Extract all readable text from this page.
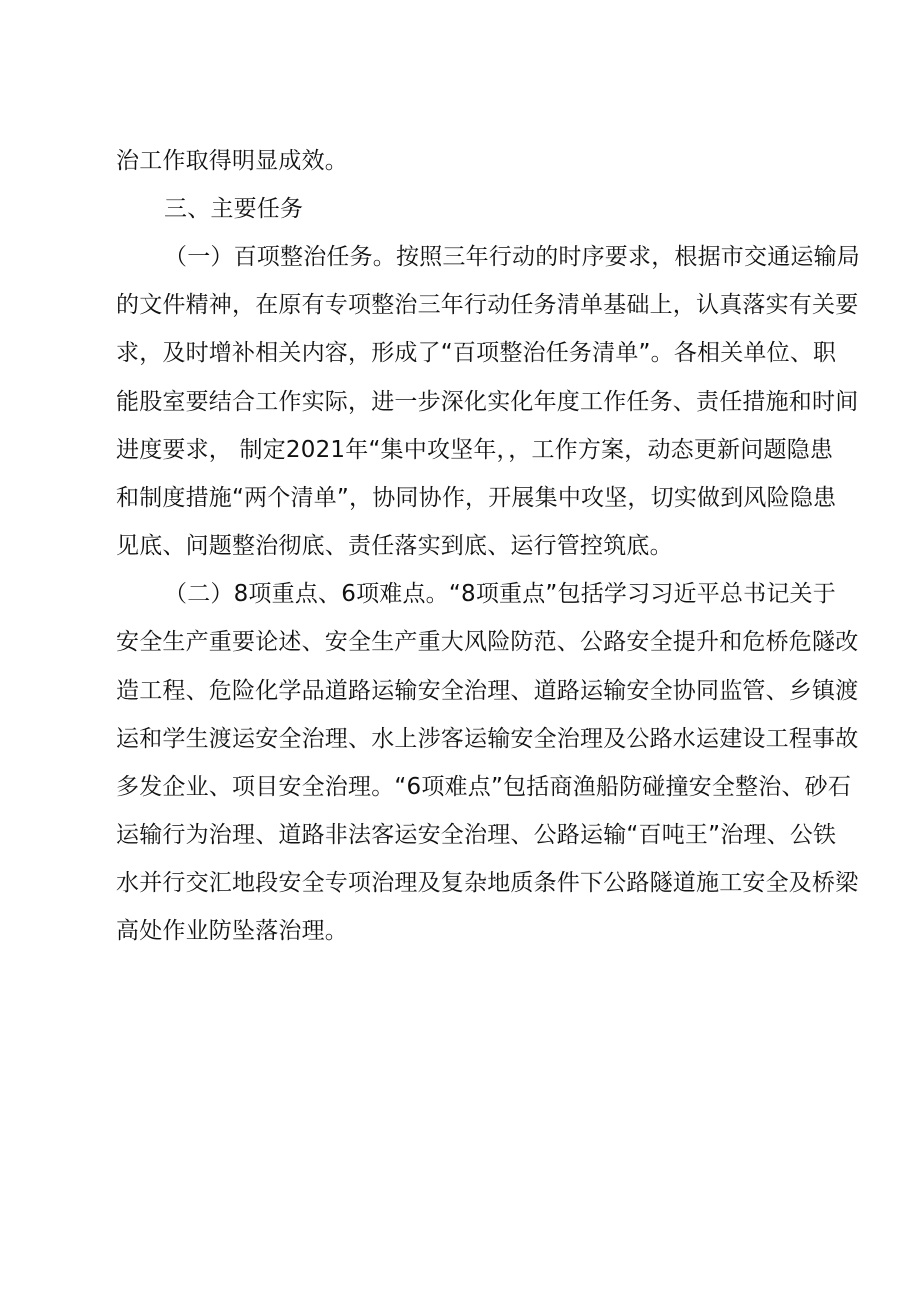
治工作取得明显成效。
三、主要任务
（一）百项整治任务。按照三年行动的时序要求，根据市交通运输局
的文件精神，在原有专项整治三年行动任务清单基础上，认真落实有关要
求，及时增补相关内容，形成了“百项整治任务清单”。各相关单位、职
能股室要结合工作实际，进一步深化实化年度工作任务、责任措施和时间
进度要求， 制定2021年“集中攻坚年，，工作方案，动态更新问题隐患
和制度措施“两个清单”，协同协作，开展集中攻坚，切实做到风险隐患
见底、问题整治彻底、责任落实到底、运行管控筑底。
（二）8项重点、6项难点。“8项重点”包括学习习近平总书记关于
安全生产重要论述、安全生产重大风险防范、公路安全提升和危桥危隧改
造工程、危险化学品道路运输安全治理、道路运输安全协同监管、乡镇渡
运和学生渡运安全治理、水上涉客运输安全治理及公路水运建设工程事故
多发企业、项目安全治理。“6项难点”包括商渔船防碰撞安全整治、砂石
运输行为治理、道路非法客运安全治理、公路运输“百吨王”治理、公铁
水并行交汇地段安全专项治理及复杂地质条件下公路隧道施工安全及桥梁
高处作业防坠落治理。
